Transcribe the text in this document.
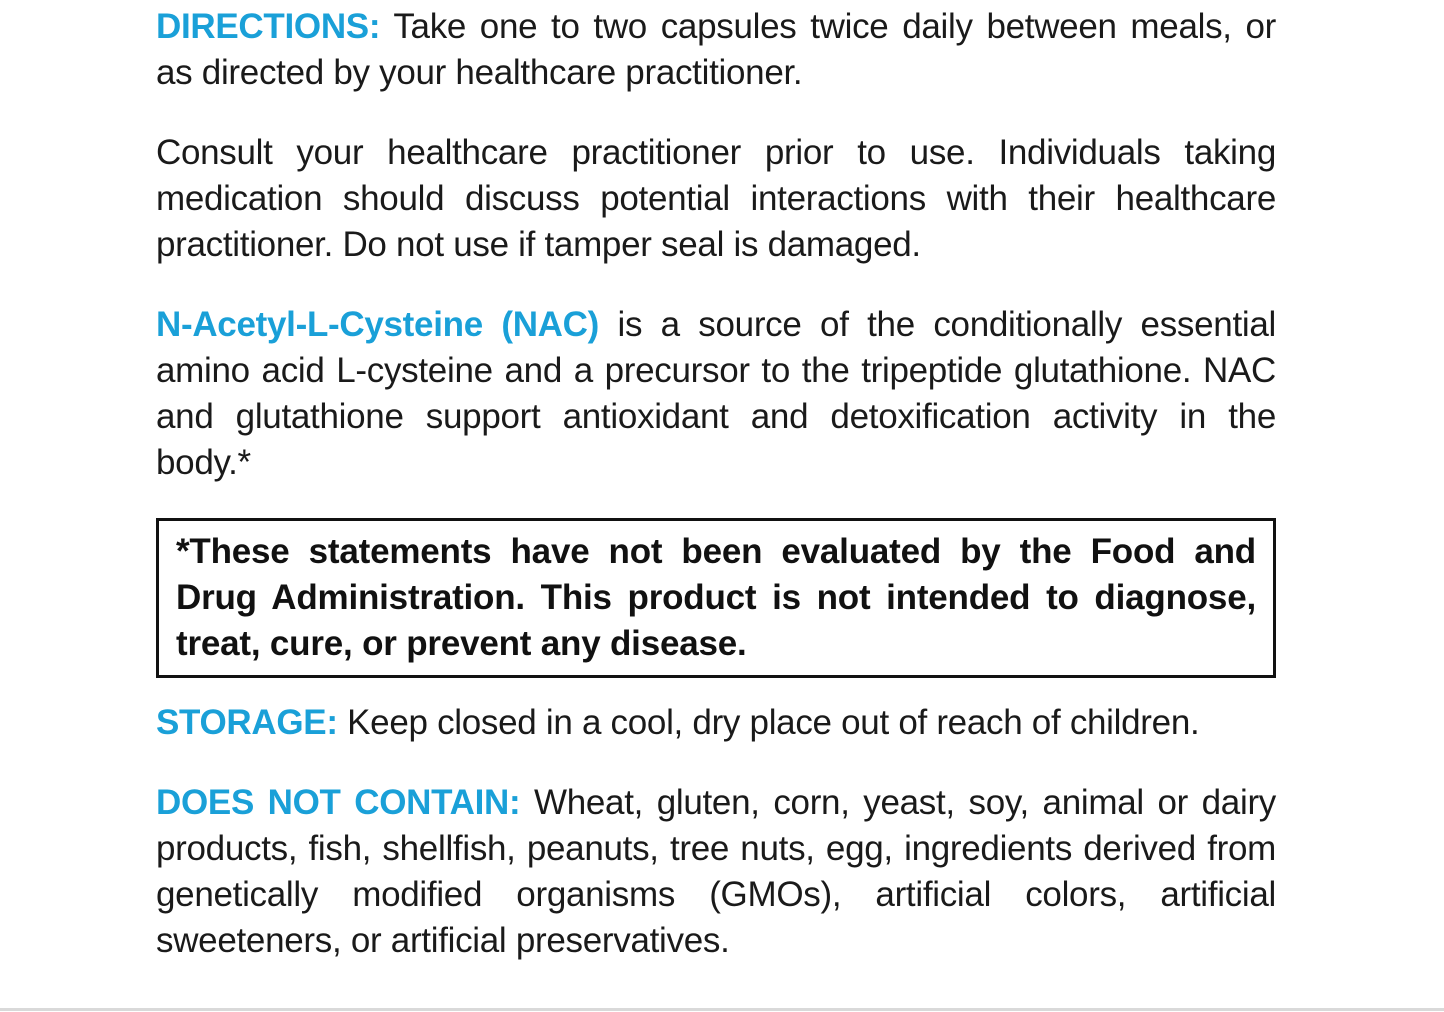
DIRECTIONS: Take one to two capsules twice daily between meals, or as directed by your healthcare practitioner.

Consult your healthcare practitioner prior to use. Individuals taking medication should discuss potential interactions with their healthcare practitioner. Do not use if tamper seal is damaged.

N-Acetyl-L-Cysteine (NAC) is a source of the conditionally essential amino acid L-cysteine and a precursor to the tripeptide glutathione. NAC and glutathione support antioxidant and detoxification activity in the body.*

*These statements have not been evaluated by the Food and Drug Administration. This product is not intended to diagnose, treat, cure, or prevent any disease.

STORAGE: Keep closed in a cool, dry place out of reach of children.

DOES NOT CONTAIN: Wheat, gluten, corn, yeast, soy, animal or dairy products, fish, shellfish, peanuts, tree nuts, egg, ingredients derived from genetically modified organisms (GMOs), artificial colors, artificial sweeteners, or artificial preservatives.
